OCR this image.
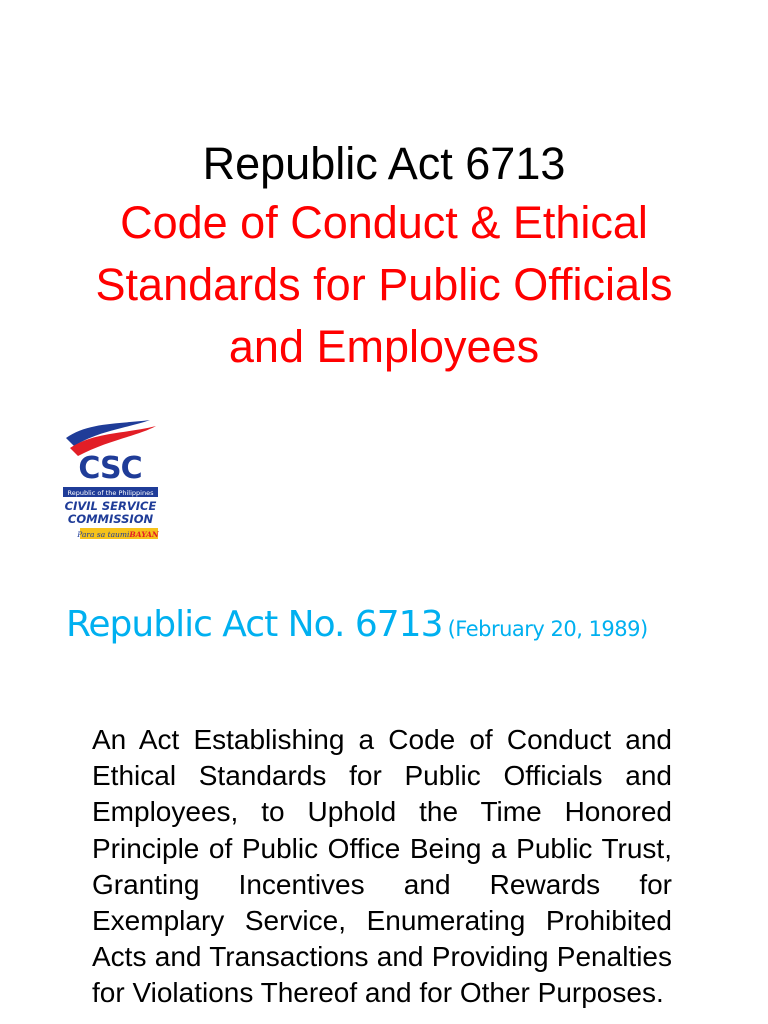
Republic Act 6713

Code of Conduct & Ethical Standards for Public Officials and Employees

CSC
Republic of the Philippines
CIVIL SERVICE
COMMISSION
Para sa taumiBAYAN
Republic Act No. 6713 (February 20, 1989)

An Act Establishing a Code of Conduct and Ethical Standards for Public Officials and Employees, to Uphold the Time Honored Principle of Public Office Being a Public Trust, Granting Incentives and Rewards for Exemplary Service, Enumerating Prohibited Acts and Transactions and Providing Penalties for Violations Thereof and for Other Purposes.
